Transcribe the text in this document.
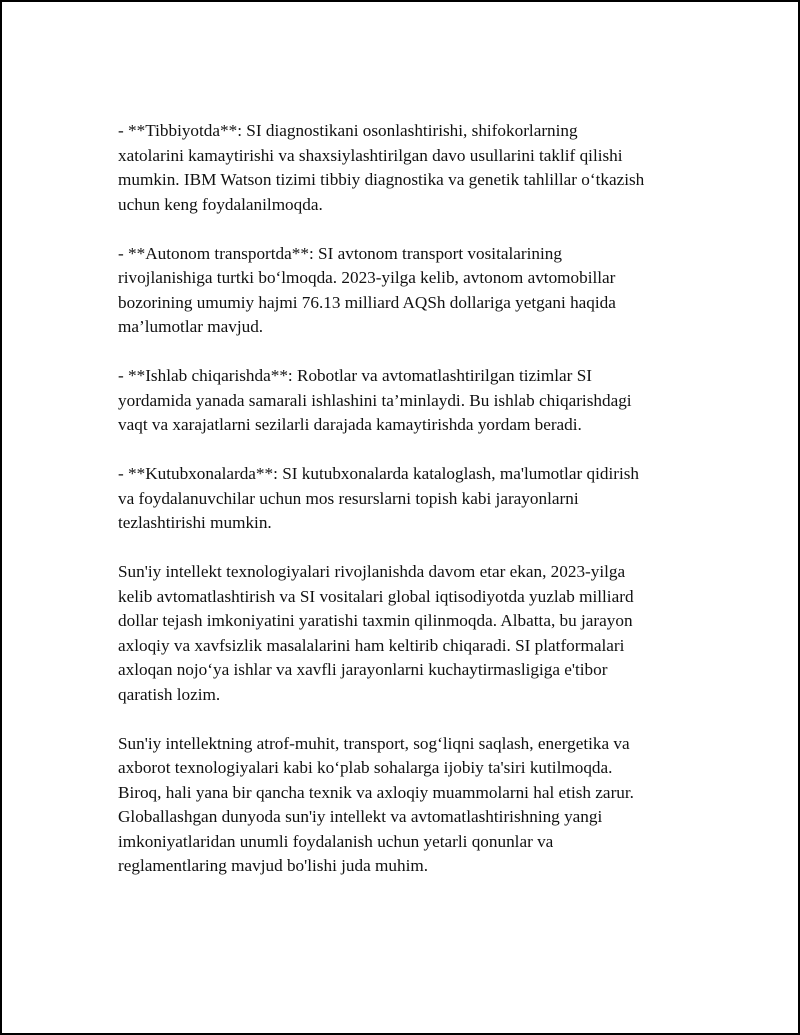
- **Tibbiyotda**: SI diagnostikani osonlashtirishi, shifokorlarning
xatolarini kamaytirishi va shaxsiylashtirilgan davo usullarini taklif qilishi
mumkin. IBM Watson tizimi tibbiy diagnostika va genetik tahlillar o‘tkazish
uchun keng foydalanilmoqda.

- **Autonom transportda**: SI avtonom transport vositalarining
rivojlanishiga turtki bo‘lmoqda. 2023-yilga kelib, avtonom avtomobillar
bozorining umumiy hajmi 76.13 milliard AQSh dollariga yetgani haqida
ma’lumotlar mavjud.

- **Ishlab chiqarishda**: Robotlar va avtomatlashtirilgan tizimlar SI
yordamida yanada samarali ishlashini ta’minlaydi. Bu ishlab chiqarishdagi
vaqt va xarajatlarni sezilarli darajada kamaytirishda yordam beradi.

- **Kutubxonalarda**: SI kutubxonalarda kataloglash, ma'lumotlar qidirish
va foydalanuvchilar uchun mos resurslarni topish kabi jarayonlarni
tezlashtirishi mumkin.

Sun'iy intellekt texnologiyalari rivojlanishda davom etar ekan, 2023-yilga
kelib avtomatlashtirish va SI vositalari global iqtisodiyotda yuzlab milliard
dollar tejash imkoniyatini yaratishi taxmin qilinmoqda. Albatta, bu jarayon
axloqiy va xavfsizlik masalalarini ham keltirib chiqaradi. SI platformalari
axloqan nojo‘ya ishlar va xavfli jarayonlarni kuchaytirmasligiga e'tibor
qaratish lozim.

Sun'iy intellektning atrof-muhit, transport, sog‘liqni saqlash, energetika va
axborot texnologiyalari kabi ko‘plab sohalarga ijobiy ta'siri kutilmoqda.
Biroq, hali yana bir qancha texnik va axloqiy muammolarni hal etish zarur.
Globallashgan dunyoda sun'iy intellekt va avtomatlashtirishning yangi
imkoniyatlaridan unumli foydalanish uchun yetarli qonunlar va
reglamentlaring mavjud bo'lishi juda muhim.
